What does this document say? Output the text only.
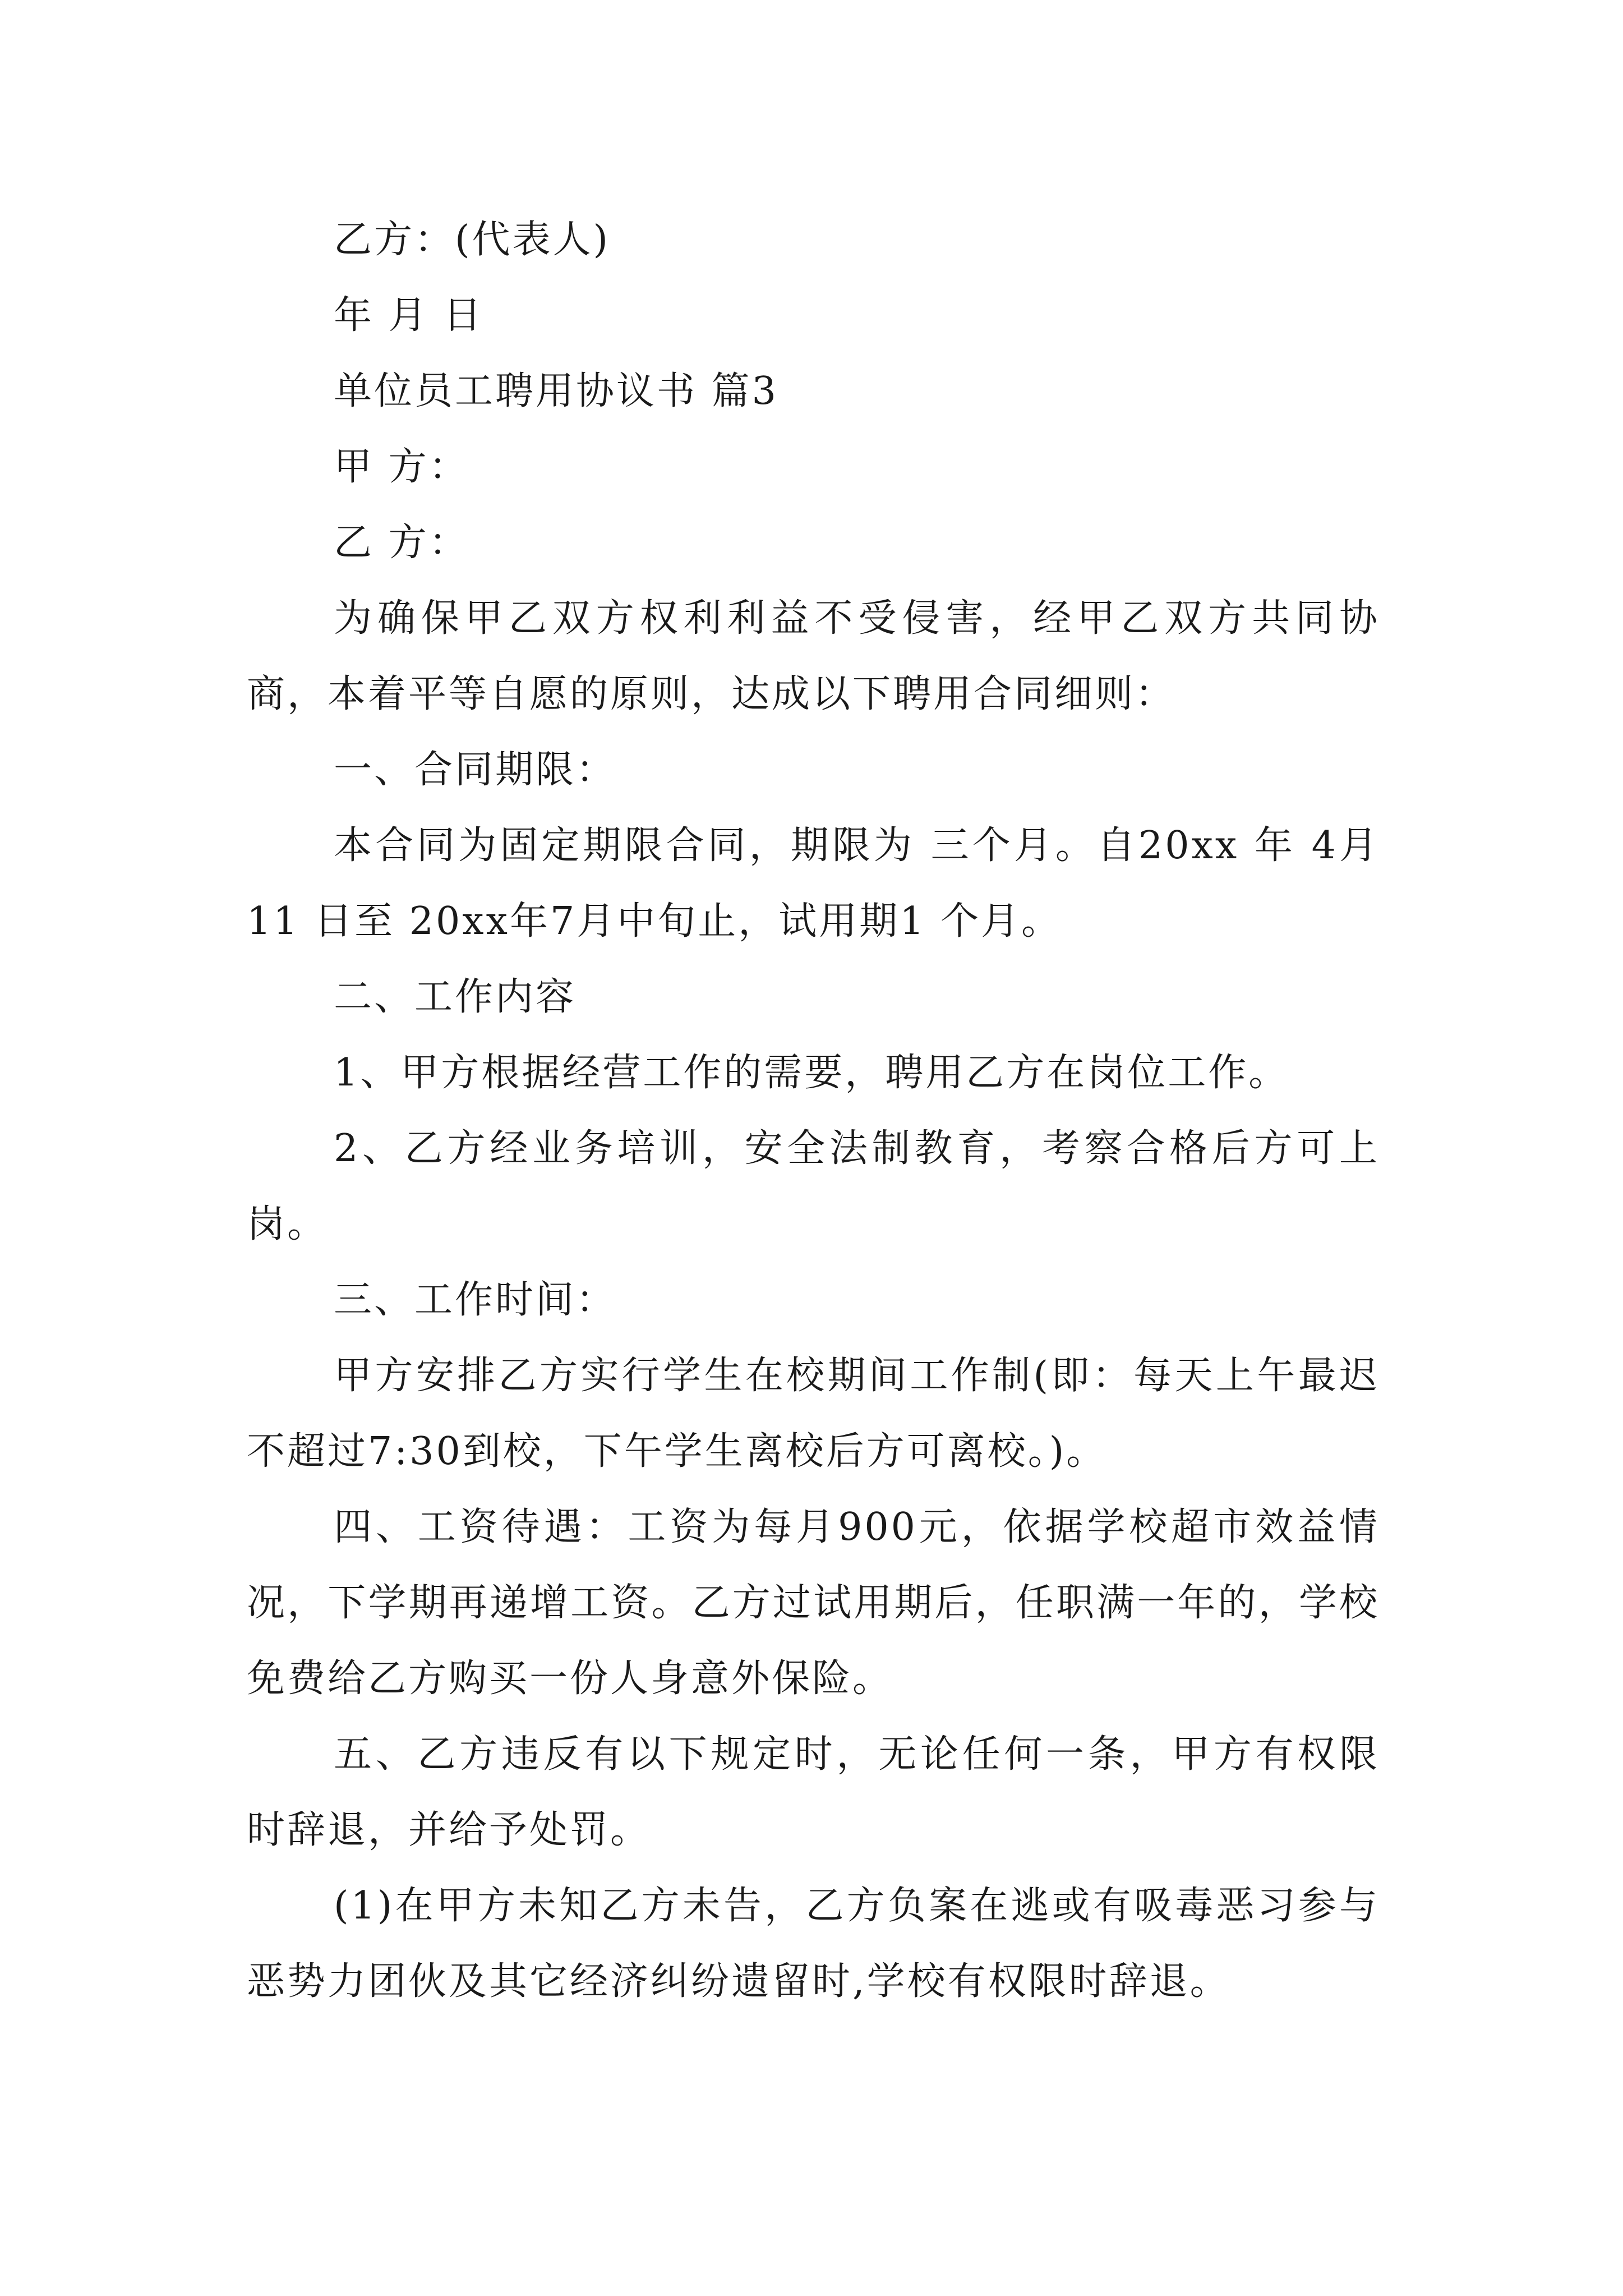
乙方：(代表人)
年 月 日
单位员工聘用协议书 篇3
甲 方：
乙 方：

为确保甲乙双方权利利益不受侵害，经甲乙双方共同协商，本着平等自愿的原则，达成以下聘用合同细则：

一、合同期限：

本合同为固定期限合同，期限为 三个月。自20xx 年 4月11 日至 20xx年7月中旬止，试用期1 个月。

二、工作内容

1、甲方根据经营工作的需要，聘用乙方在岗位工作。

2、乙方经业务培训，安全法制教育，考察合格后方可上岗。

三、工作时间：

甲方安排乙方实行学生在校期间工作制(即：每天上午最迟不超过7:30到校，下午学生离校后方可离校。)。

四、工资待遇：工资为每月900元，依据学校超市效益情况，下学期再递增工资。乙方过试用期后，任职满一年的，学校免费给乙方购买一份人身意外保险。

五、乙方违反有以下规定时，无论任何一条，甲方有权限时辞退，并给予处罚。

(1)在甲方未知乙方未告，乙方负案在逃或有吸毒恶习参与恶势力团伙及其它经济纠纷遗留时,学校有权限时辞退。
